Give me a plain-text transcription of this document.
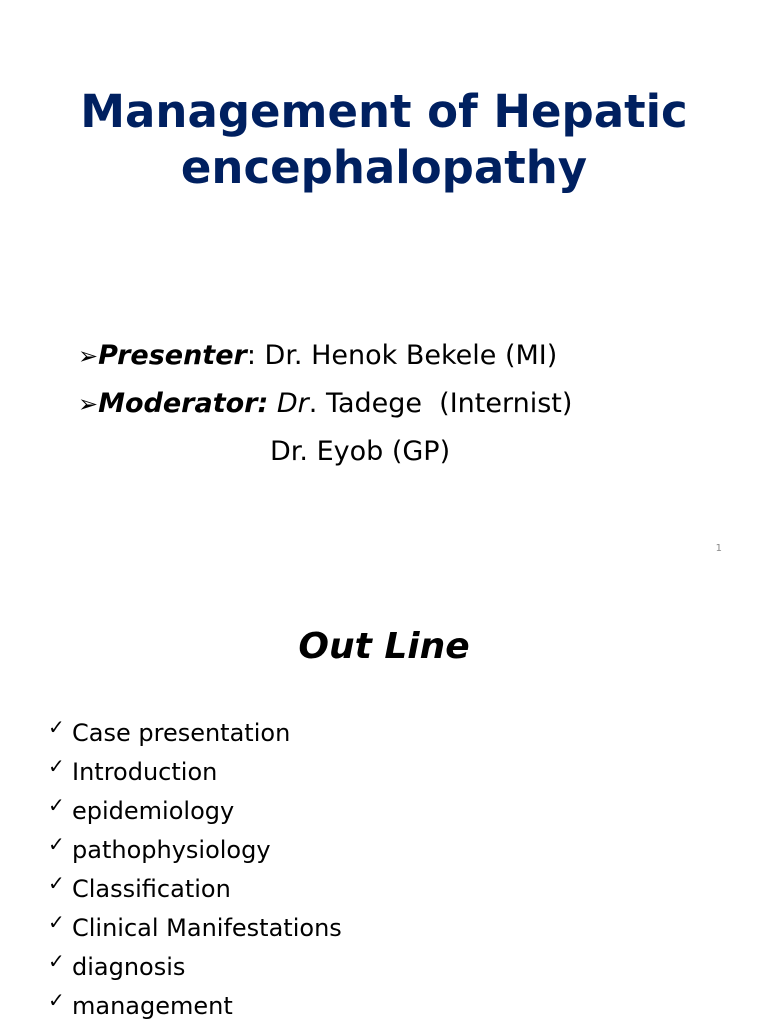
Management of Hepatic
encephalopathy
➢Presenter: Dr. Henok Bekele (MI)
➢Moderator: Dr. Tadege  (Internist)
Dr. Eyob (GP)
1
Out Line
✓ Case presentation
✓ Introduction
✓ epidemiology
✓ pathophysiology
✓ Classification
✓ Clinical Manifestations
✓ diagnosis
✓ management
